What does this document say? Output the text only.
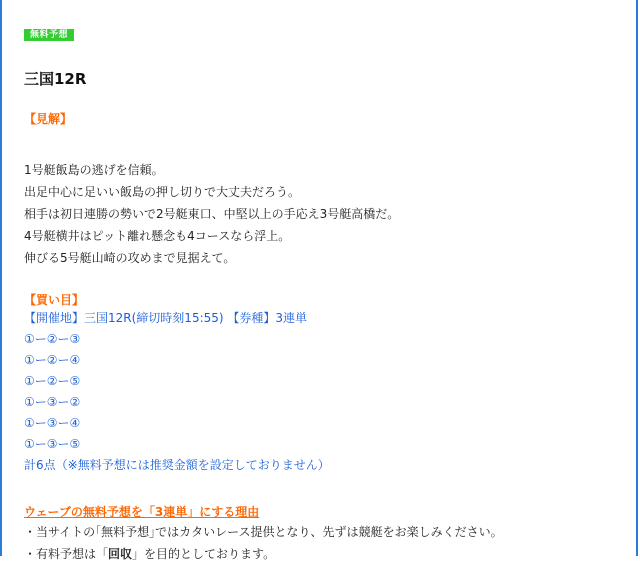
無料予想
三国12R
【見解】
1号艇飯島の逃げを信頼。
出足中心に足いい飯島の押し切りで大丈夫だろう。
相手は初日連勝の勢いで2号艇東口、中堅以上の手応え3号艇高橋だ。
4号艇横井はピット離れ懸念も4コースなら浮上。
伸びる5号艇山崎の攻めまで見据えて。
【買い目】
【開催地】三国12R(締切時刻15:55) 【券種】3連単
①ー②ー③
①ー②ー④
①ー②ー⑤
①ー③ー②
①ー③ー④
①ー③ー⑤
計6点（※無料予想には推奨金額を設定しておりません）
ウェーブの無料予想を「3連単」にする理由
・当サイトの｢無料予想｣ではカタいレース提供となり、先ずは競艇をお楽しみください。
・有料予想は「回収」を目的としております。
